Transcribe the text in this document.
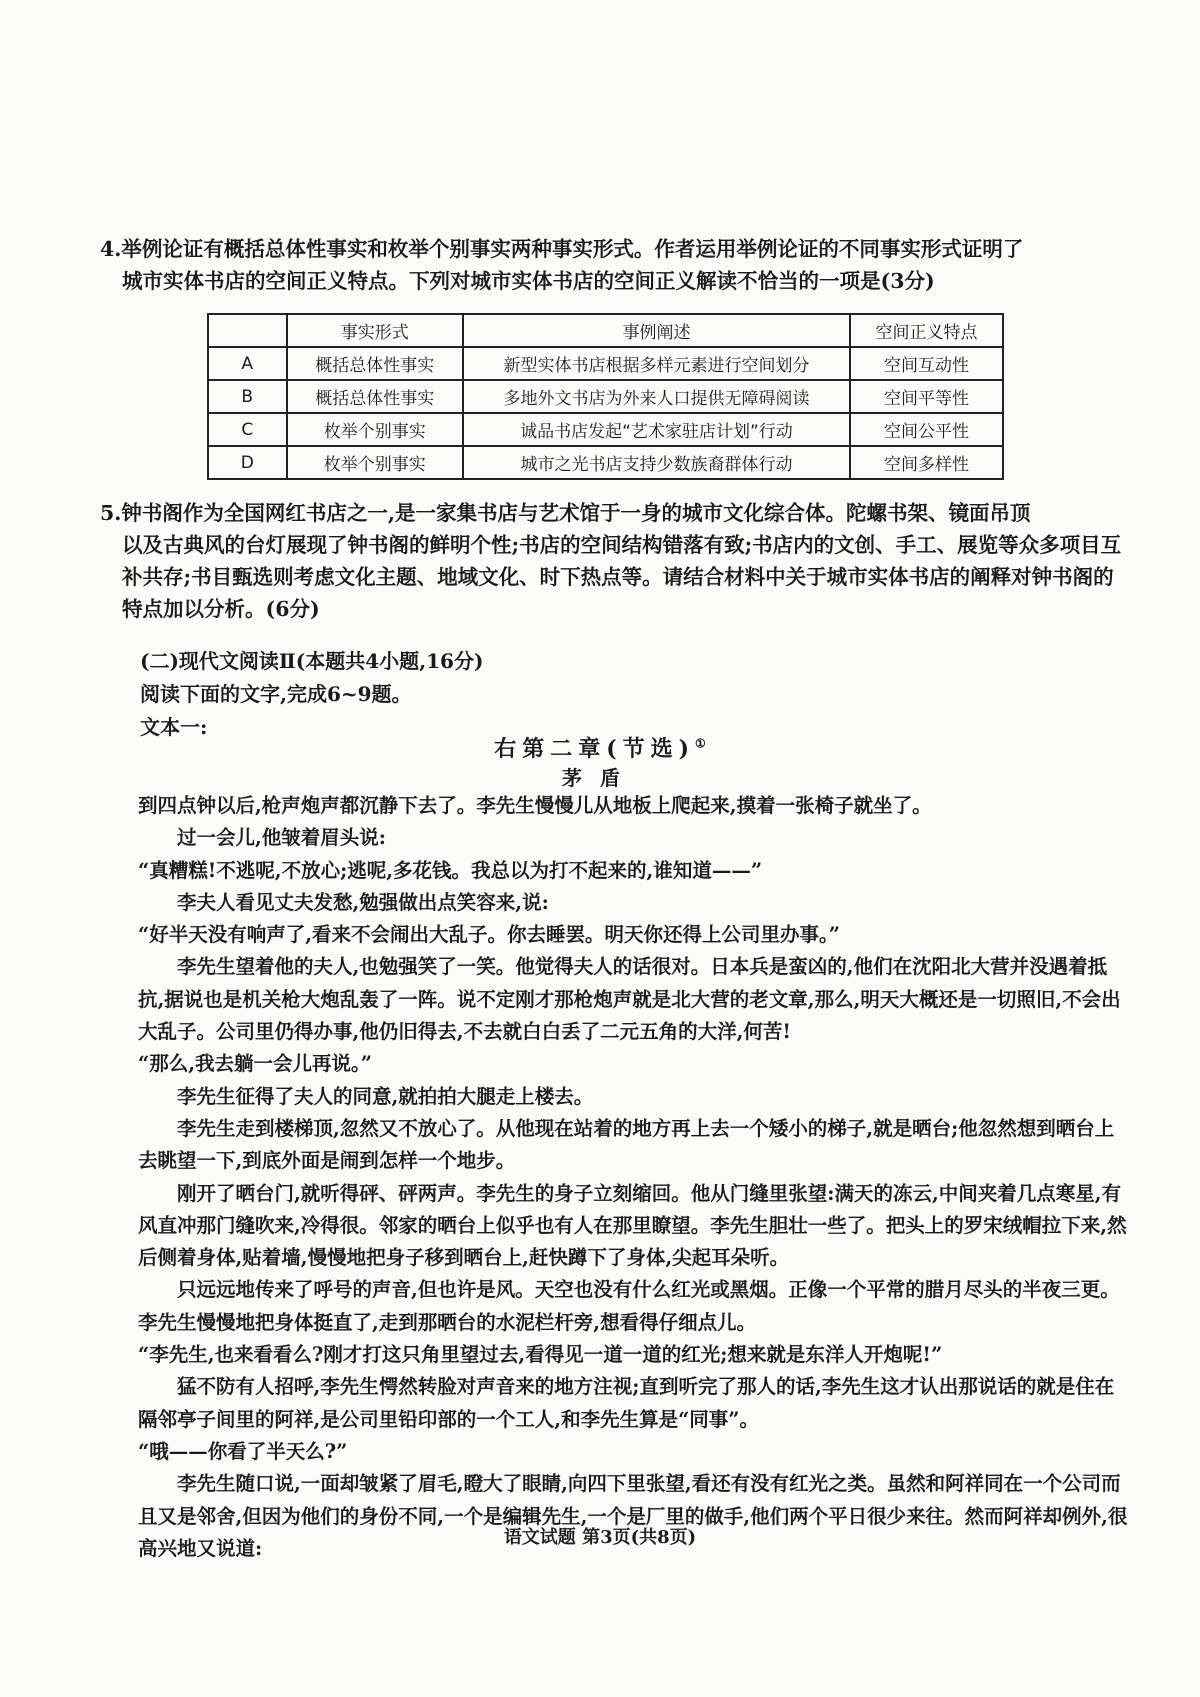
4.举例论证有概括总体性事实和枚举个别事实两种事实形式。作者运用举例论证的不同事实形式证明了
城市实体书店的空间正义特点。下列对城市实体书店的空间正义解读不恰当的一项是(3分)
	事实形式	事例阐述	空间正义特点
A	概括总体性事实	新型实体书店根据多样元素进行空间划分	空间互动性
B	概括总体性事实	多地外文书店为外来人口提供无障碍阅读	空间平等性
C	枚举个别事实	诚品书店发起“艺术家驻店计划”行动	空间公平性
D	枚举个别事实	城市之光书店支持少数族裔群体行动	空间多样性
5.钟书阁作为全国网红书店之一,是一家集书店与艺术馆于一身的城市文化综合体。陀螺书架、镜面吊顶
以及古典风的台灯展现了钟书阁的鲜明个性;书店的空间结构错落有致;书店内的文创、手工、展览等众多项目互补共存;书目甄选则考虑文化主题、地域文化、时下热点等。请结合材料中关于城市实体书店的阐释对钟书阁的特点加以分析。(6分)
(二)现代文阅读Ⅱ(本题共4小题,16分)
阅读下面的文字,完成6~9题。
文本一:
右第二章(节选)①
茅盾

到四点钟以后,枪声炮声都沉静下去了。李先生慢慢儿从地板上爬起来,摸着一张椅子就坐了。

过一会儿,他皱着眉头说:

“真糟糕!不逃呢,不放心;逃呢,多花钱。我总以为打不起来的,谁知道——”

李夫人看见丈夫发愁,勉强做出点笑容来,说:

“好半天没有响声了,看来不会闹出大乱子。你去睡罢。明天你还得上公司里办事。”

李先生望着他的夫人,也勉强笑了一笑。他觉得夫人的话很对。日本兵是蛮凶的,他们在沈阳北大营并没遇着抵抗,据说也是机关枪大炮乱轰了一阵。说不定刚才那枪炮声就是北大营的老文章,那么,明天大概还是一切照旧,不会出大乱子。公司里仍得办事,他仍旧得去,不去就白白丢了二元五角的大洋,何苦!

“那么,我去躺一会儿再说。”

李先生征得了夫人的同意,就拍拍大腿走上楼去。

李先生走到楼梯顶,忽然又不放心了。从他现在站着的地方再上去一个矮小的梯子,就是晒台;他忽然想到晒台上去眺望一下,到底外面是闹到怎样一个地步。

刚开了晒台门,就听得砰、砰两声。李先生的身子立刻缩回。他从门缝里张望:满天的冻云,中间夹着几点寒星,有风直冲那门缝吹来,冷得很。邻家的晒台上似乎也有人在那里瞭望。李先生胆壮一些了。把头上的罗宋绒帽拉下来,然后侧着身体,贴着墙,慢慢地把身子移到晒台上,赶快蹲下了身体,尖起耳朵听。

只远远地传来了呼号的声音,但也许是风。天空也没有什么红光或黑烟。正像一个平常的腊月尽头的半夜三更。李先生慢慢地把身体挺直了,走到那晒台的水泥栏杆旁,想看得仔细点儿。

“李先生,也来看看么?刚才打这只角里望过去,看得见一道一道的红光;想来就是东洋人开炮呢!”

猛不防有人招呼,李先生愕然转脸对声音来的地方注视;直到听完了那人的话,李先生这才认出那说话的就是住在隔邻亭子间里的阿祥,是公司里铅印部的一个工人,和李先生算是“同事”。

“哦——你看了半天么?”

李先生随口说,一面却皱紧了眉毛,瞪大了眼睛,向四下里张望,看还有没有红光之类。虽然和阿祥同在一个公司而且又是邻舍,但因为他们的身份不同,一个是编辑先生,一个是厂里的做手,他们两个平日很少来往。然而阿祥却例外,很高兴地又说道:	语文试题 第3页(共8页)
